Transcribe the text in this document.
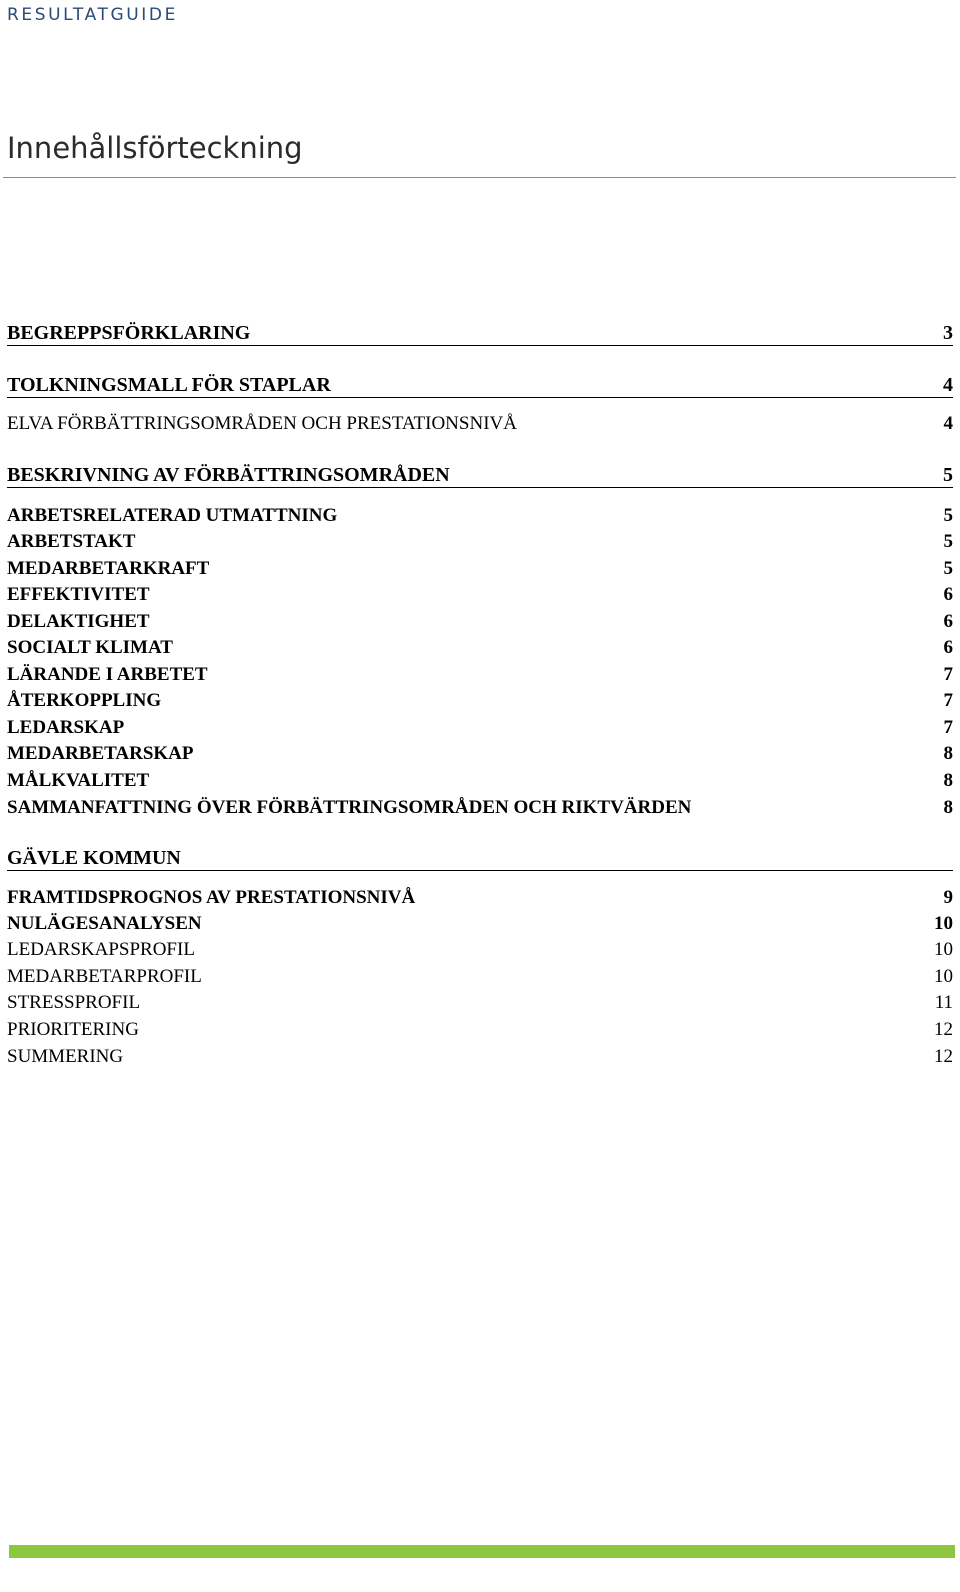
RESULTATGUIDE
Innehållsförteckning
BEGREPPSFÖRKLARING	3
TOLKNINGSMALL FÖR STAPLAR	4
ELVA FÖRBÄTTRINGSOMRÅDEN OCH PRESTATIONSNIVÅ	4
BESKRIVNING AV FÖRBÄTTRINGSOMRÅDEN	5
ARBETSRELATERAD UTMATTNING	5
ARBETSTAKT	5
MEDARBETARKRAFT	5
EFFEKTIVITET	6
DELAKTIGHET	6
SOCIALT KLIMAT	6
LÄRANDE I ARBETET	7
ÅTERKOPPLING	7
LEDARSKAP	7
MEDARBETARSKAP	8
MÅLKVALITET	8
SAMMANFATTNING ÖVER FÖRBÄTTRINGSOMRÅDEN OCH RIKTVÄRDEN	8
GÄVLE KOMMUN
FRAMTIDSPROGNOS AV PRESTATIONSNIVÅ	9
NULÄGESANALYSEN	10
LEDARSKAPSPROFIL	10
MEDARBETARPROFIL	10
STRESSPROFIL	11
PRIORITERING	12
SUMMERING	12
